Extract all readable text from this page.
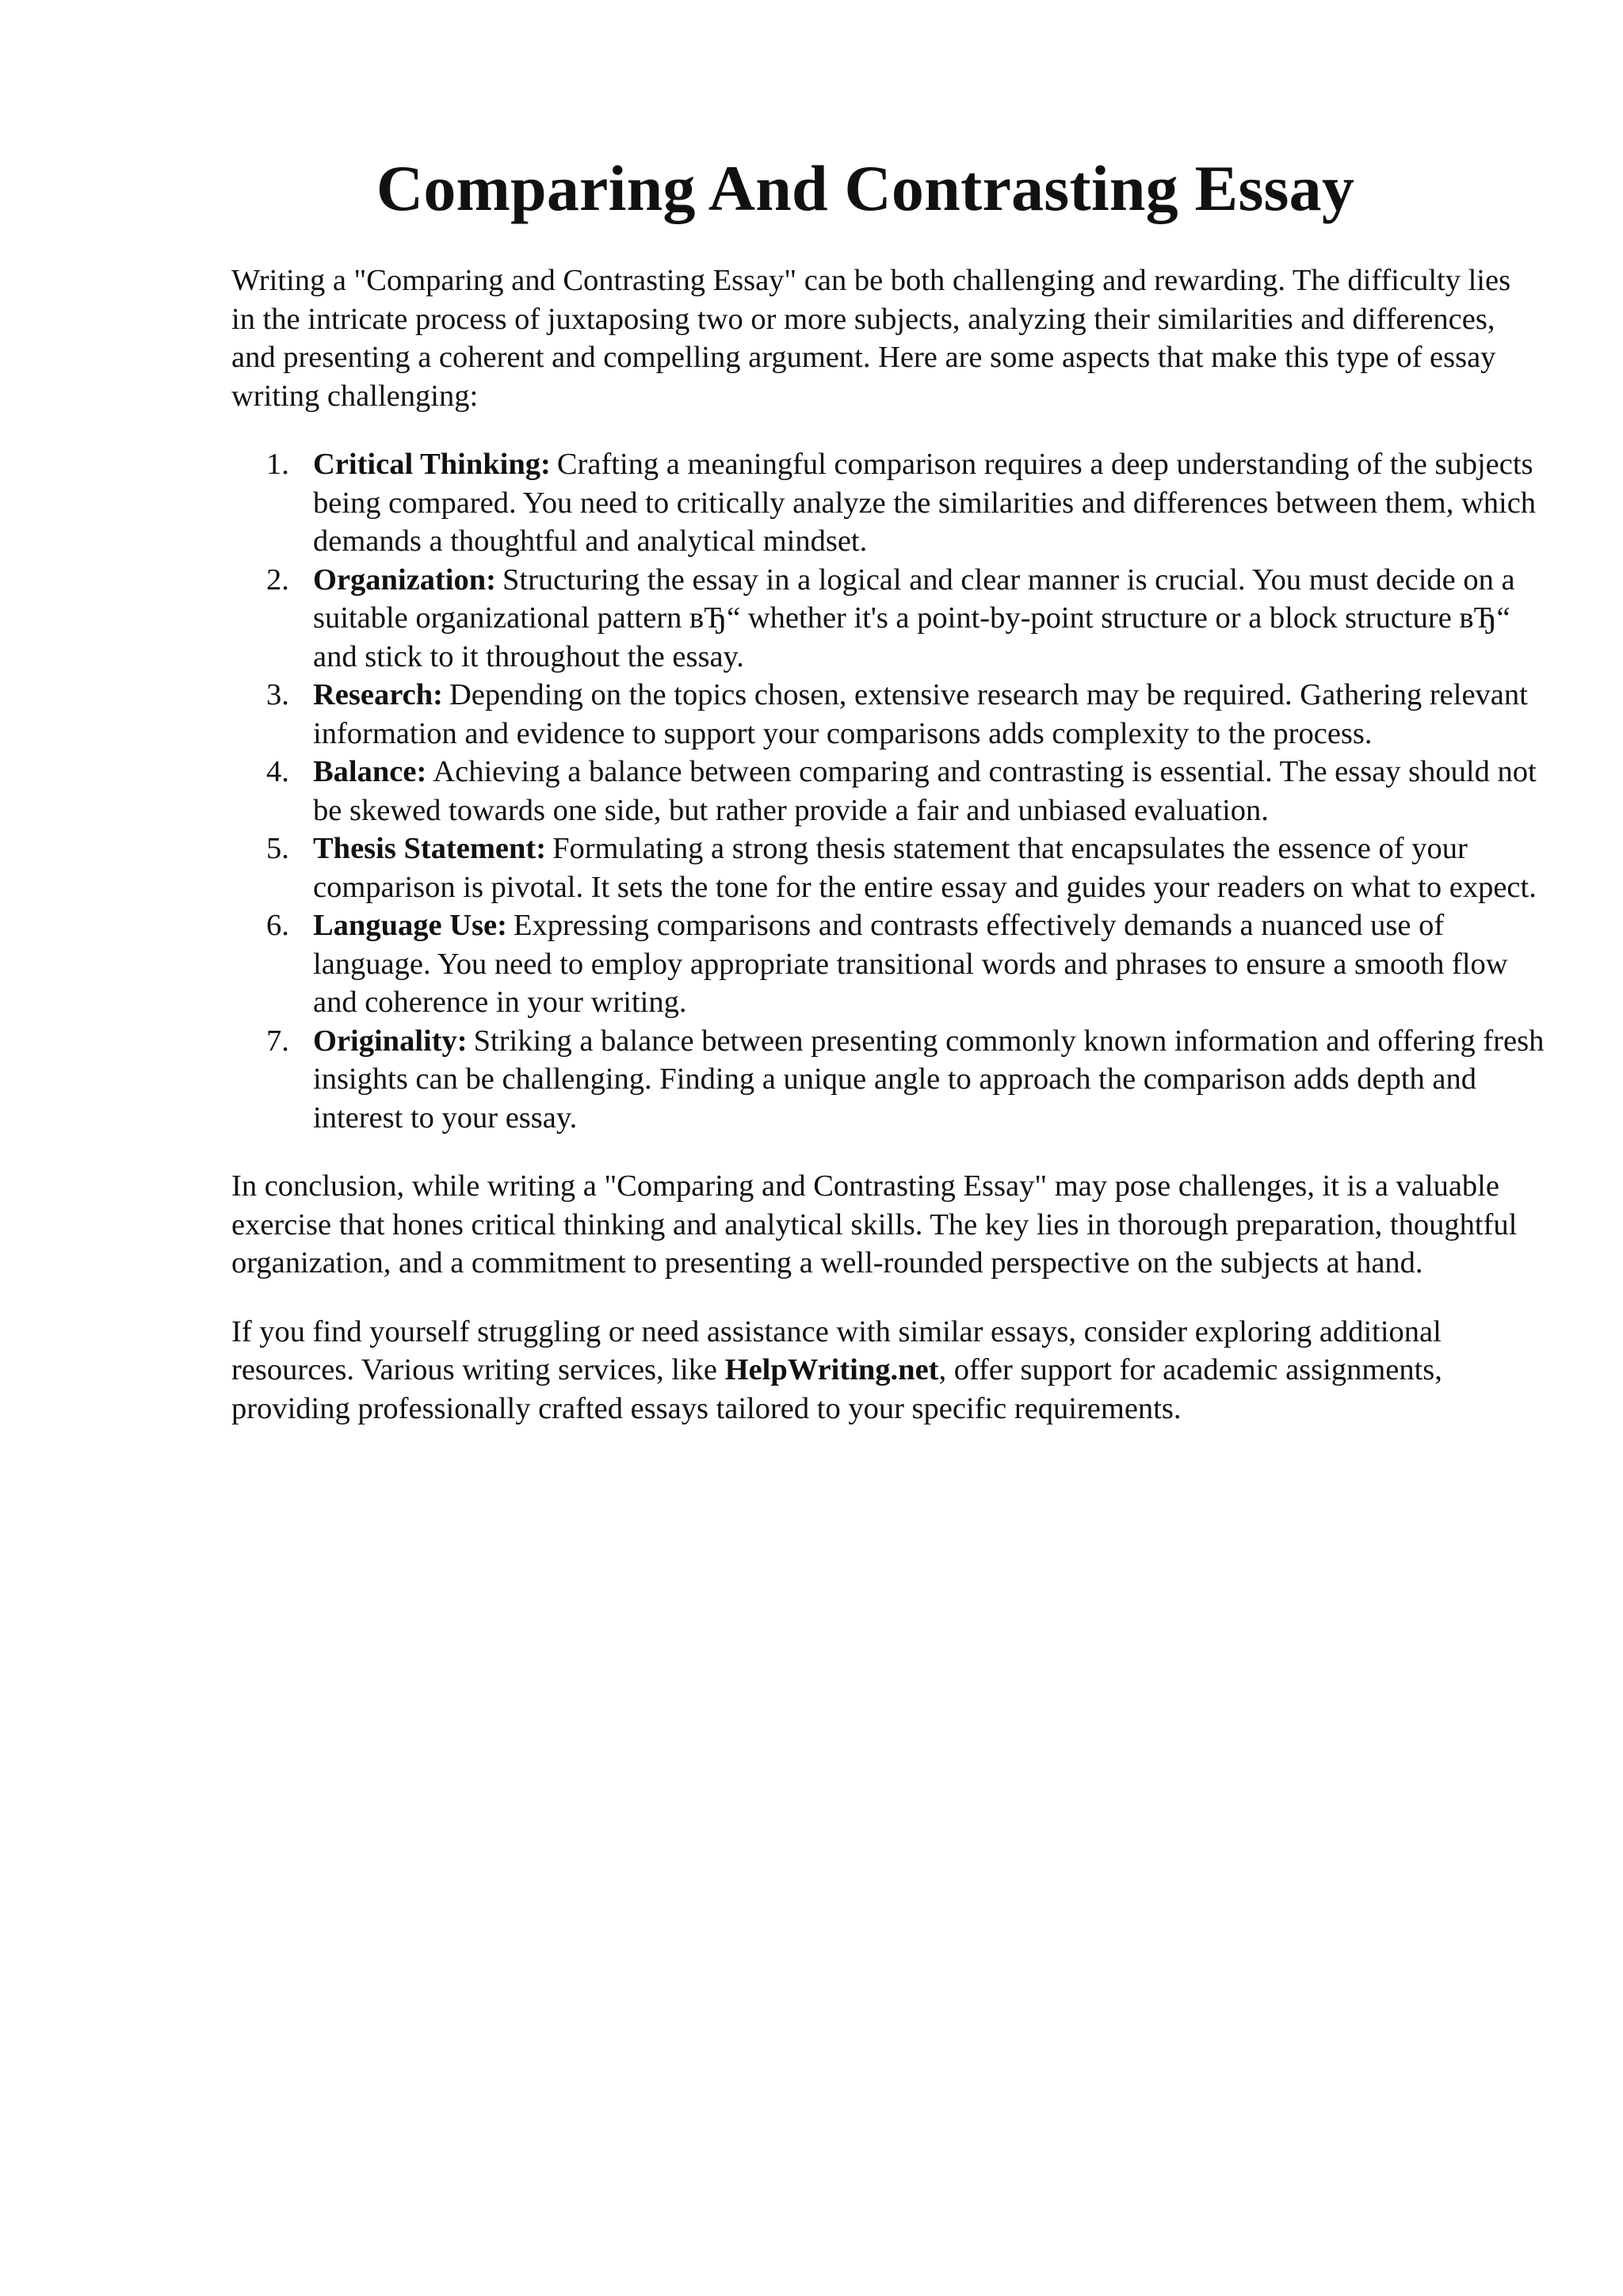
Comparing And Contrasting Essay

Writing a "Comparing and Contrasting Essay" can be both challenging and rewarding. The difficulty lies in the intricate process of juxtaposing two or more subjects, analyzing their similarities and differences, and presenting a coherent and compelling argument. Here are some aspects that make this type of essay writing challenging:

1. Critical Thinking: Crafting a meaningful comparison requires a deep understanding of the subjects being compared. You need to critically analyze the similarities and differences between them, which demands a thoughtful and analytical mindset.
2. Organization: Structuring the essay in a logical and clear manner is crucial. You must decide on a suitable organizational pattern вЂ“ whether it's a point-by-point structure or a block structure вЂ“ and stick to it throughout the essay.
3. Research: Depending on the topics chosen, extensive research may be required. Gathering relevant information and evidence to support your comparisons adds complexity to the process.
4. Balance: Achieving a balance between comparing and contrasting is essential. The essay should not be skewed towards one side, but rather provide a fair and unbiased evaluation.
5. Thesis Statement: Formulating a strong thesis statement that encapsulates the essence of your comparison is pivotal. It sets the tone for the entire essay and guides your readers on what to expect.
6. Language Use: Expressing comparisons and contrasts effectively demands a nuanced use of language. You need to employ appropriate transitional words and phrases to ensure a smooth flow and coherence in your writing.
7. Originality: Striking a balance between presenting commonly known information and offering fresh insights can be challenging. Finding a unique angle to approach the comparison adds depth and interest to your essay.

In conclusion, while writing a "Comparing and Contrasting Essay" may pose challenges, it is a valuable exercise that hones critical thinking and analytical skills. The key lies in thorough preparation, thoughtful organization, and a commitment to presenting a well-rounded perspective on the subjects at hand.

If you find yourself struggling or need assistance with similar essays, consider exploring additional resources. Various writing services, like HelpWriting.net, offer support for academic assignments, providing professionally crafted essays tailored to your specific requirements.
